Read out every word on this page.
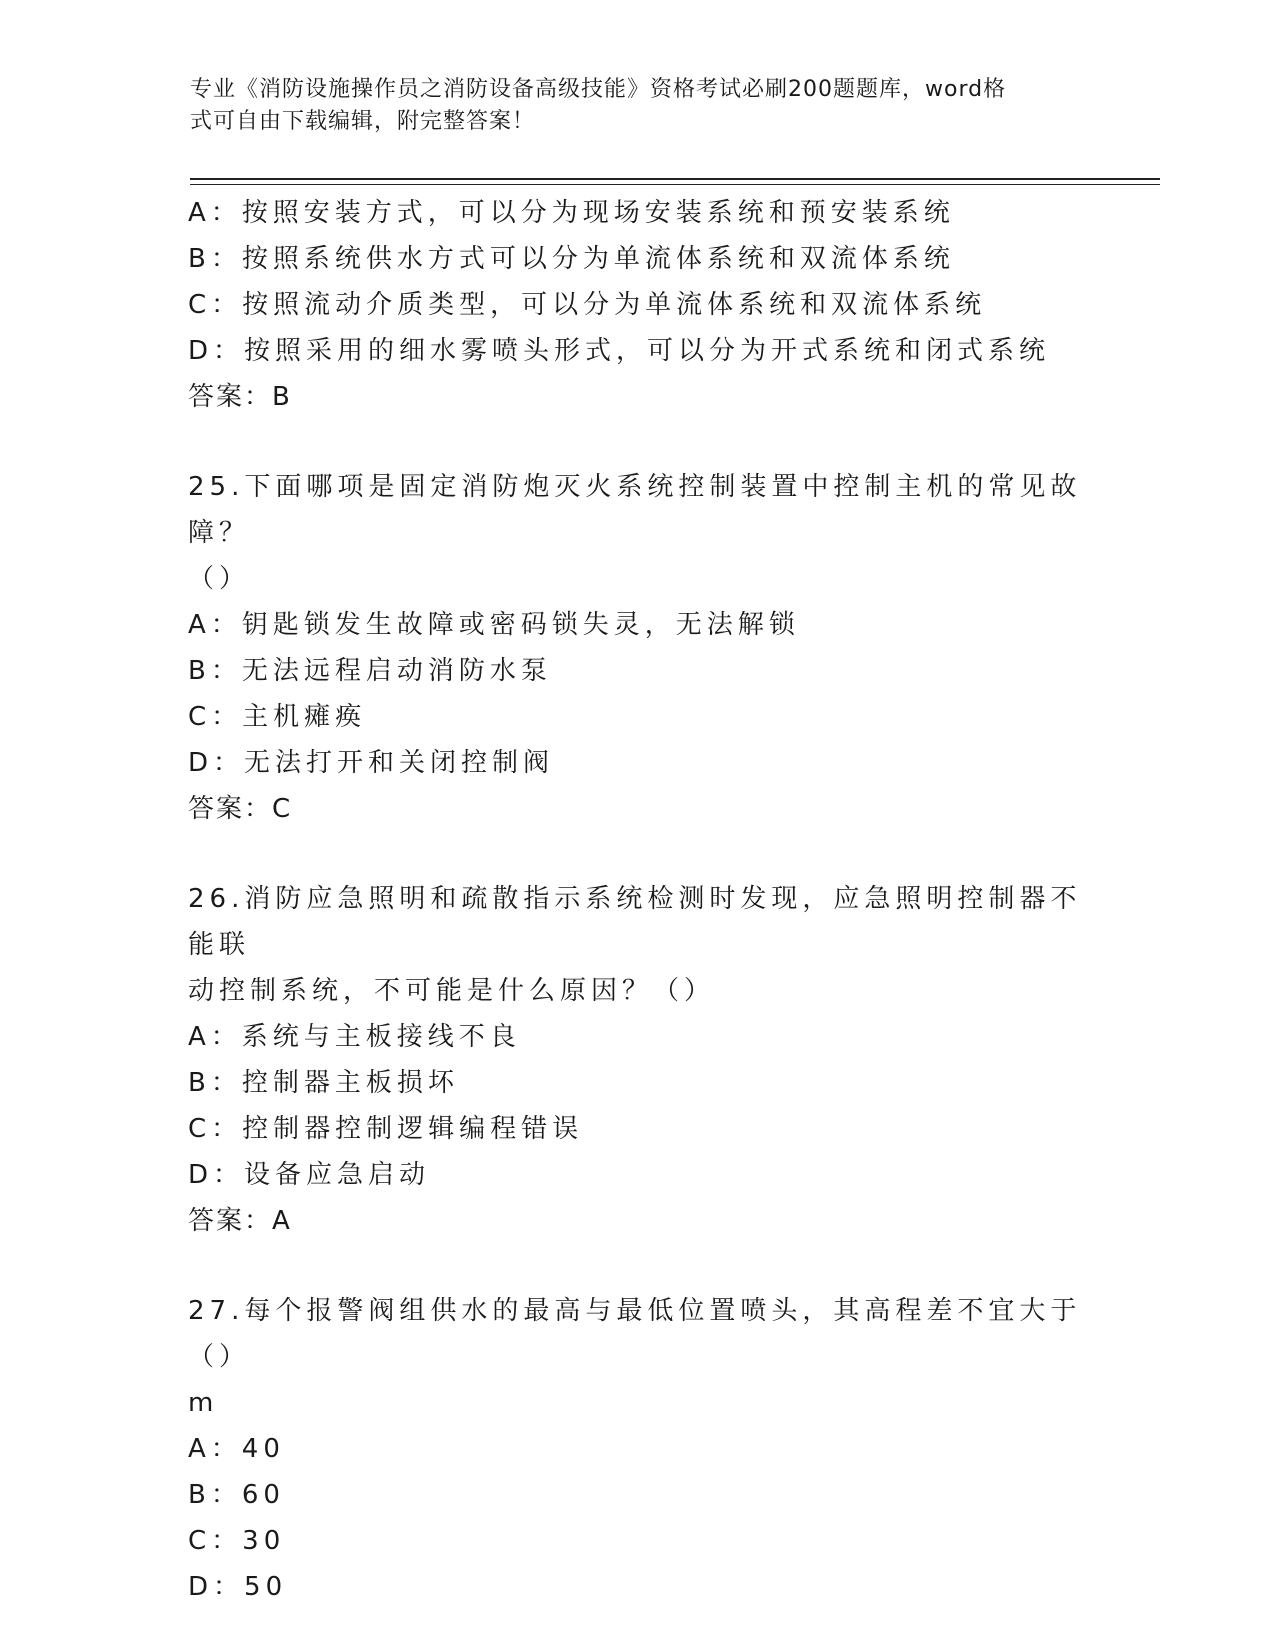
专业《消防设施操作员之消防设备高级技能》资格考试必刷200题题库，word格
式可自由下载编辑，附完整答案！
A：按照安装方式，可以分为现场安装系统和预安装系统
B：按照系统供水方式可以分为单流体系统和双流体系统
C：按照流动介质类型，可以分为单流体系统和双流体系统
D：按照采用的细水雾喷头形式，可以分为开式系统和闭式系统
答案：B
25.下面哪项是固定消防炮灭火系统控制装置中控制主机的常见故障？
（）
A：钥匙锁发生故障或密码锁失灵，无法解锁
B：无法远程启动消防水泵
C：主机瘫痪
D：无法打开和关闭控制阀
答案：C
26.消防应急照明和疏散指示系统检测时发现，应急照明控制器不能联
动控制系统，不可能是什么原因？（）
A：系统与主板接线不良
B：控制器主板损坏
C：控制器控制逻辑编程错误
D：设备应急启动
答案：A
27.每个报警阀组供水的最高与最低位置喷头，其高程差不宜大于（）
m
A：40
B：60
C：30
D：50
